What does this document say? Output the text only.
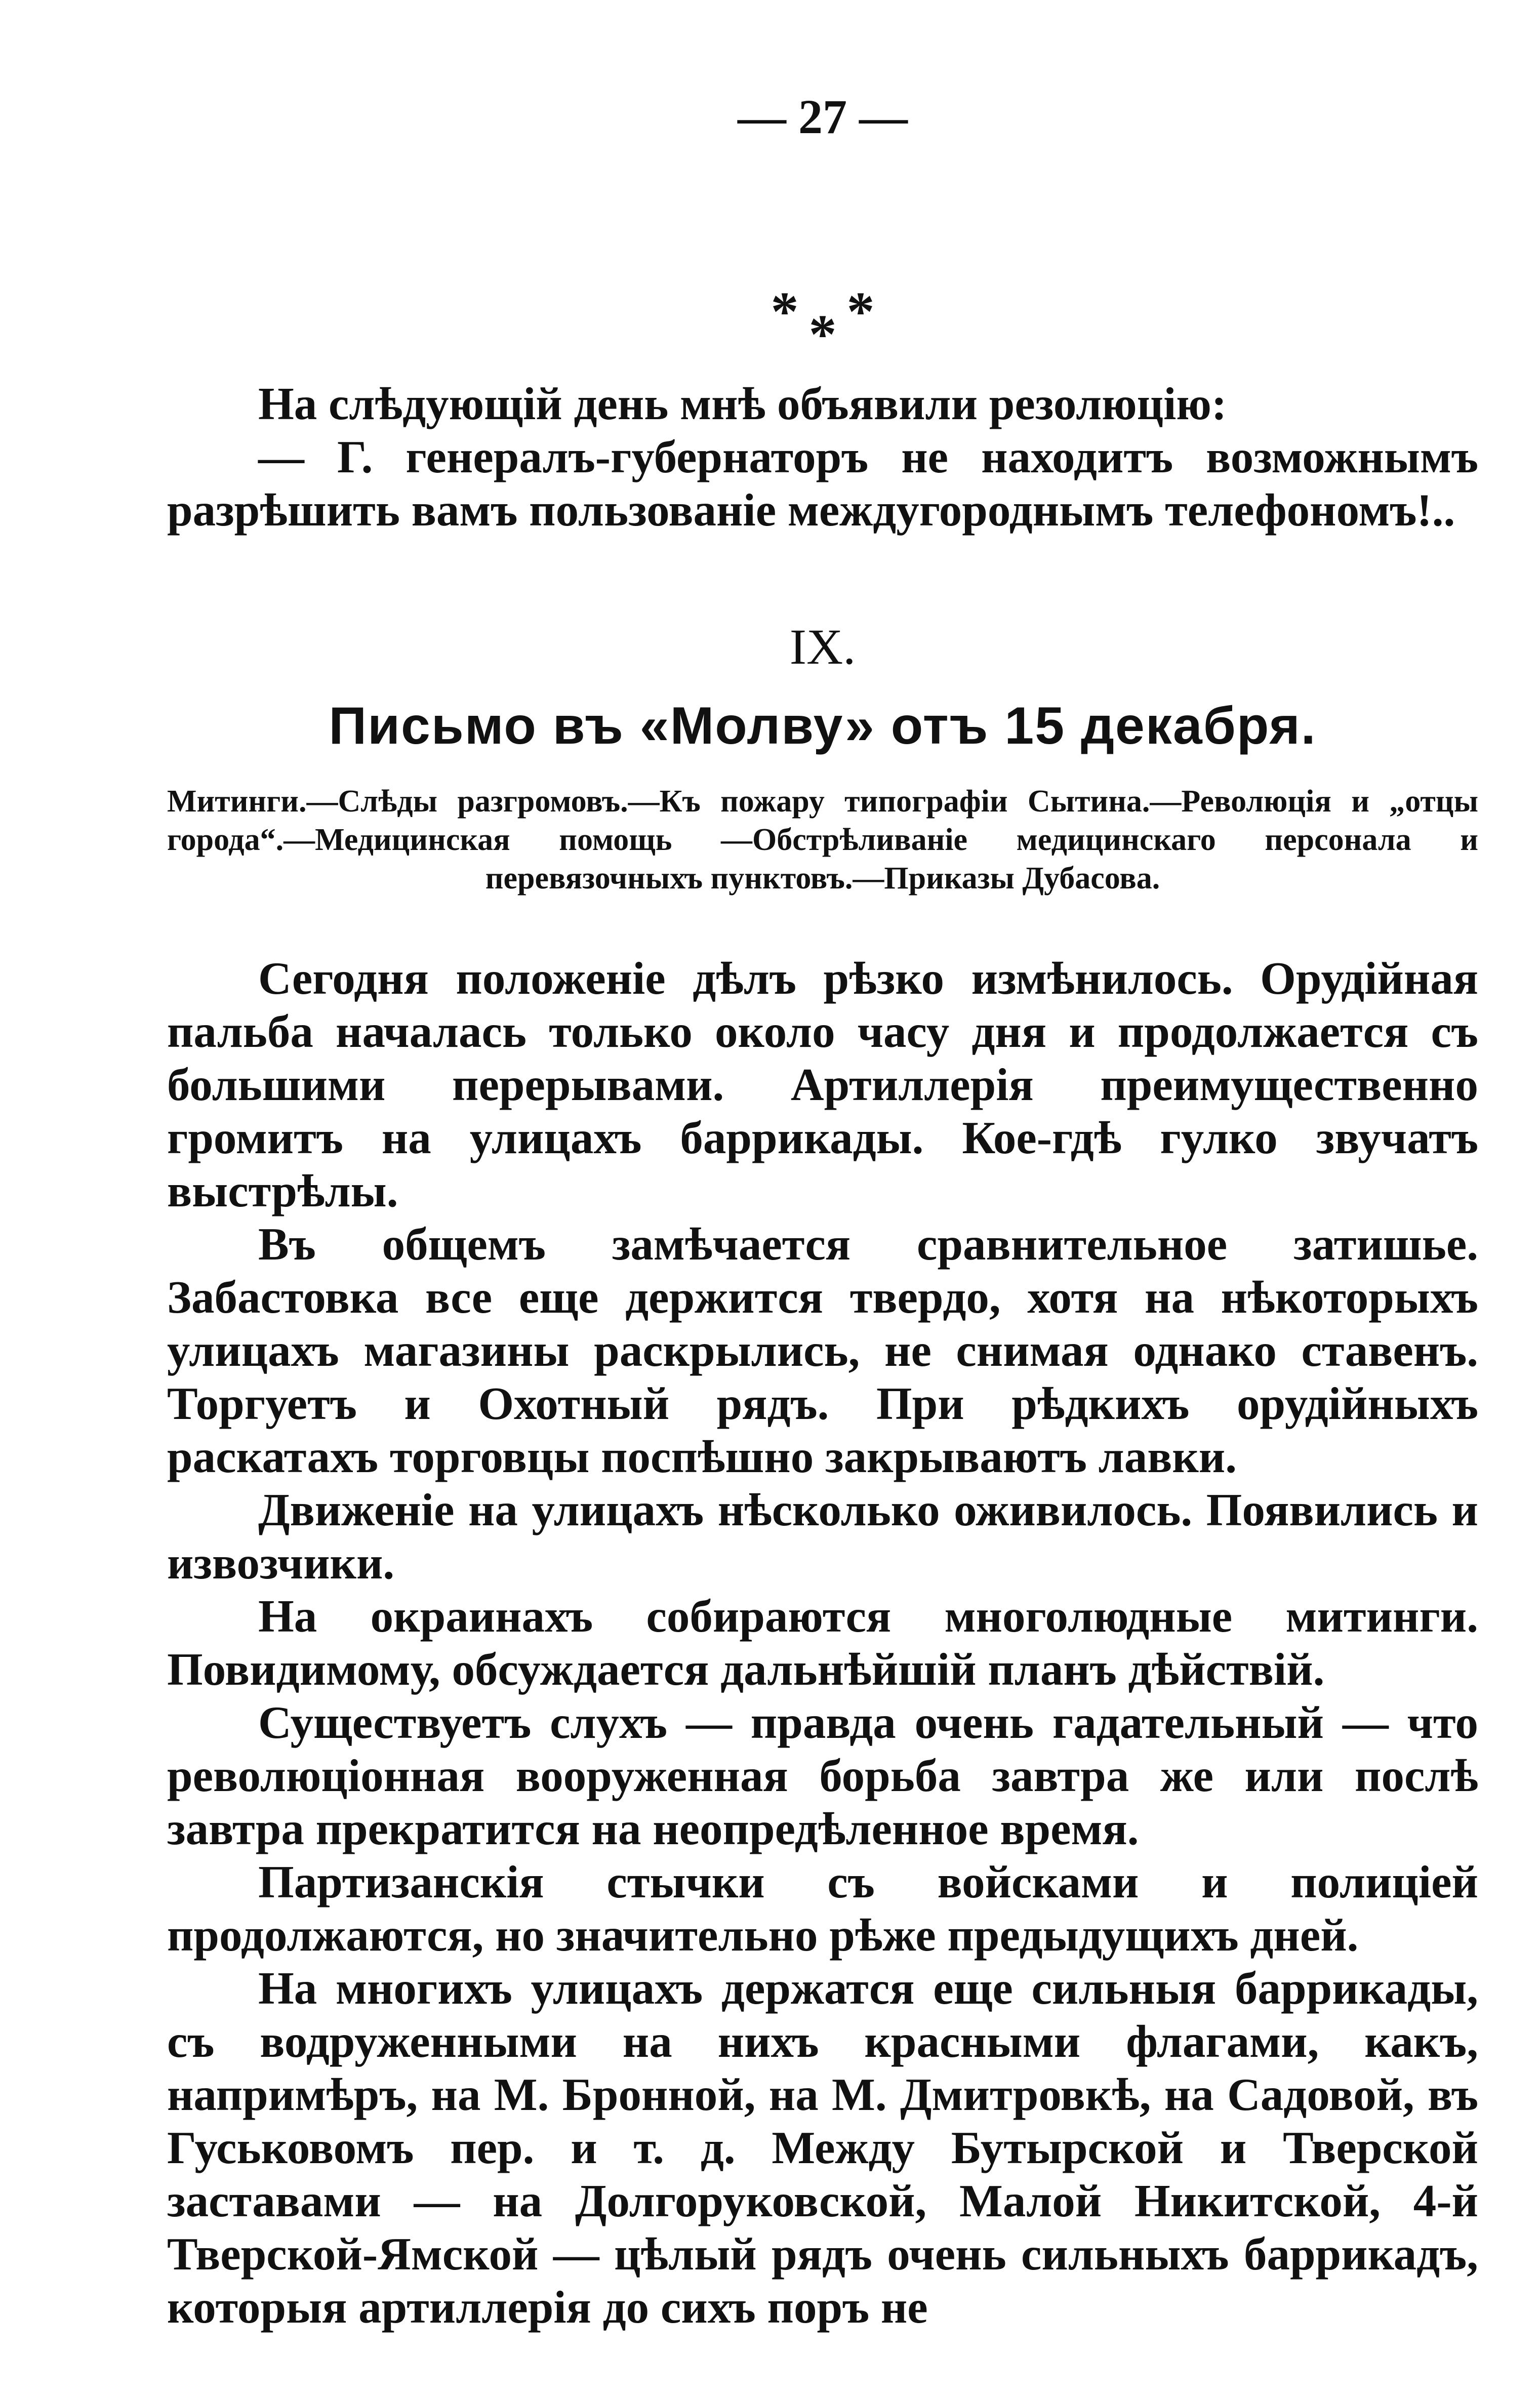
— 27 —
* * *

На слѣдующій день мнѣ объявили резолюцію:

— Г. генералъ-губернаторъ не находитъ возможнымъ разрѣшить вамъ пользованіе междугороднымъ телефономъ!..

IX.
Письмо въ «Молву» отъ 15 декабря.
Митинги.—Слѣды разгромовъ.—Къ пожару типографіи Сытина.—Революція и „отцы города“.—Медицинская помощь —Обстрѣливаніе медицинскаго персонала и перевязочныхъ пунктовъ.—Приказы Дубасова.

Сегодня положеніе дѣлъ рѣзко измѣнилось. Орудійная пальба началась только около часу дня и продолжается съ большими перерывами. Артиллерія преимущественно громитъ на улицахъ баррикады. Кое-гдѣ гулко звучатъ выстрѣлы.

Въ общемъ замѣчается сравнительное затишье. Забастовка все еще держится твердо, хотя на нѣкоторыхъ улицахъ магазины раскрылись, не снимая однако ставенъ. Торгуетъ и Охотный рядъ. При рѣдкихъ орудійныхъ раскатахъ торговцы поспѣшно закрываютъ лавки.

Движеніе на улицахъ нѣсколько оживилось. Появились и извозчики.

На окраинахъ собираются многолюдные митинги. Повидимому, обсуждается дальнѣйшій планъ дѣйствій.

Существуетъ слухъ — правда очень гадательный — что революціонная вооруженная борьба завтра же или послѣ завтра прекратится на неопредѣленное время.

Партизанскія стычки съ войсками и полиціей продолжаются, но значительно рѣже предыдущихъ дней.

На многихъ улицахъ держатся еще сильныя баррикады, съ водруженными на нихъ красными флагами, какъ, напримѣръ, на М. Бронной, на М. Дмитровкѣ, на Садовой, въ Гуськовомъ пер. и т. д. Между Бутырской и Тверской заставами — на Долгоруковской, Малой Никитской, 4-й Тверской-Ямской — цѣлый рядъ очень сильныхъ баррикадъ, которыя артиллерія до сихъ поръ не
